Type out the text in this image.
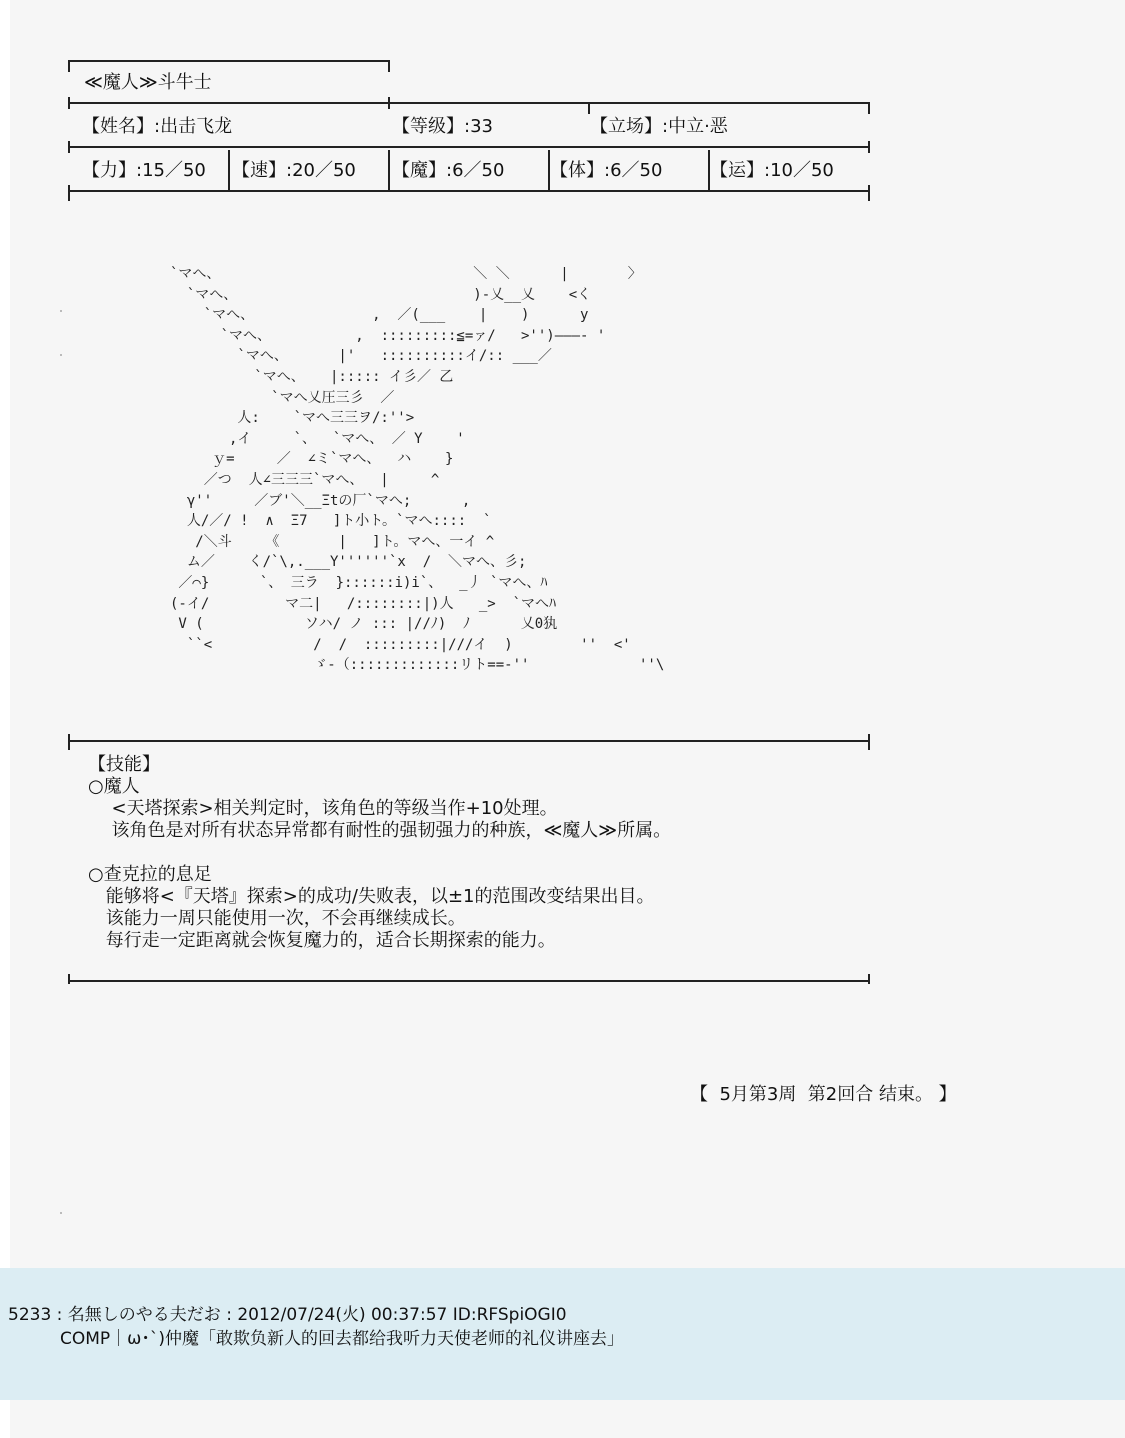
≪魔人≫斗牛士
【姓名】:出击飞龙	【等级】:33	【立场】:中立·恶
【力】:15／50 【速】:20／50 【魔】:6／50	【体】:6／50	【运】:10／50
`マへ、                              ＼ ＼      |       〉
`マへ、                            )-乂__乂    <く
`マへ、              ,  ／(___    |    )      y
`マへ、          ,  :::::::::≦=ァ/   >'')―――- '
`マへ、      |'   ::::::::::イ/:: ___／
`マへ、   |::::: イ彡／ 乙
`マへ乂圧三彡  ／
人:    `マへ三三ヲ/:''>
,イ     `、  `マへ、 ／ Y    '
ｙ=     ／  ∠ミ`マへ、  ハ    }
／つ  人∠三三三`マへ、  |     ^
γ''     ／ブ'＼__Ξtの厂`マへ;      ,
人/／/ !  ∧  Ξ7   ]ト小ト。`マへ::::  `
/＼斗    《       |   ]ト。マへ、一イ ^
ム／    く/`\,.___Y''''''`x  /  ＼マへ、彡;
／⌒}      `、 三ラ  }::::::i)i`、  _丿 `マへ、ﾊ
(-イ/         マ二|   /::::::::|)人   _>  `マへﾊ
V (            ソハ/ ノ ::: |//ﾉ)  ﾉ      乂0犱
``<            /  /  :::::::::|///イ  )        ''  <'
ゞ-（:::::::::::::リト==-''             ''\
【技能】
○魔人
<天塔探索>相关判定时，该角色的等级当作+10处理。
该角色是对所有状态异常都有耐性的强韧强力的种族，≪魔人≫所属。
○查克拉的息足
能够将<『天塔』探索>的成功/失败表，以±1的范围改变结果出目。
该能力一周只能使用一次，不会再继续成长。
每行走一定距离就会恢复魔力的，适合长期探索的能力。
【  5月第3周  第2回合 结束。 】
5233 : 名無しのやる夫だお : 2012/07/24(火) 00:37:57 ID:RFSpiOGI0
COMP｜ω･`)仲魔「敢欺负新人的回去都给我听力天使老师的礼仪讲座去」
